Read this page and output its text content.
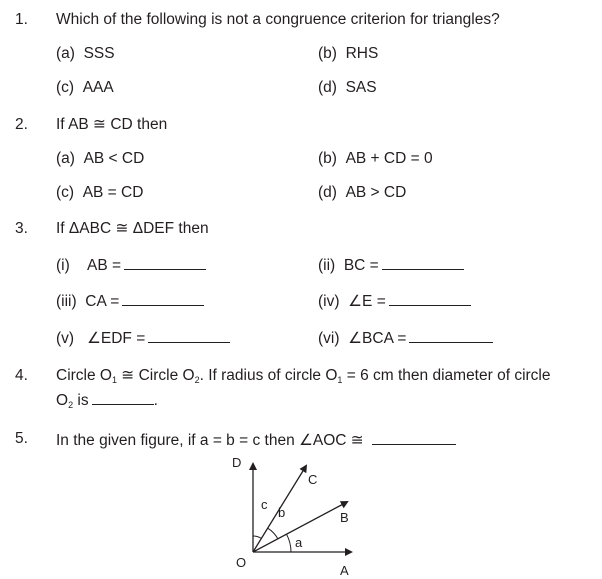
1. Which of the following is not a congruence criterion for triangles?
(a) SSS	(b) RHS
(c) AAA	(d) SAS
2. If AB ≅ CD then
(a) AB < CD	(b) AB + CD = 0
(c) AB = CD	(d) AB > CD
3. If ΔABC ≅ ΔDEF then
(i) AB =	(ii) BC =
(iii) CA =	(iv) ∠E =
(v) ∠EDF =	(vi) ∠BCA =
4. Circle $O_1$ ≅ Circle $O_2$. If radius of circle $O_1 = 6$ cm then diameter of circle
$O_2$ is	.
5. In the given figure, if a = b = c then ∠AOC ≅
D
C
B
A
O
a
b
c
